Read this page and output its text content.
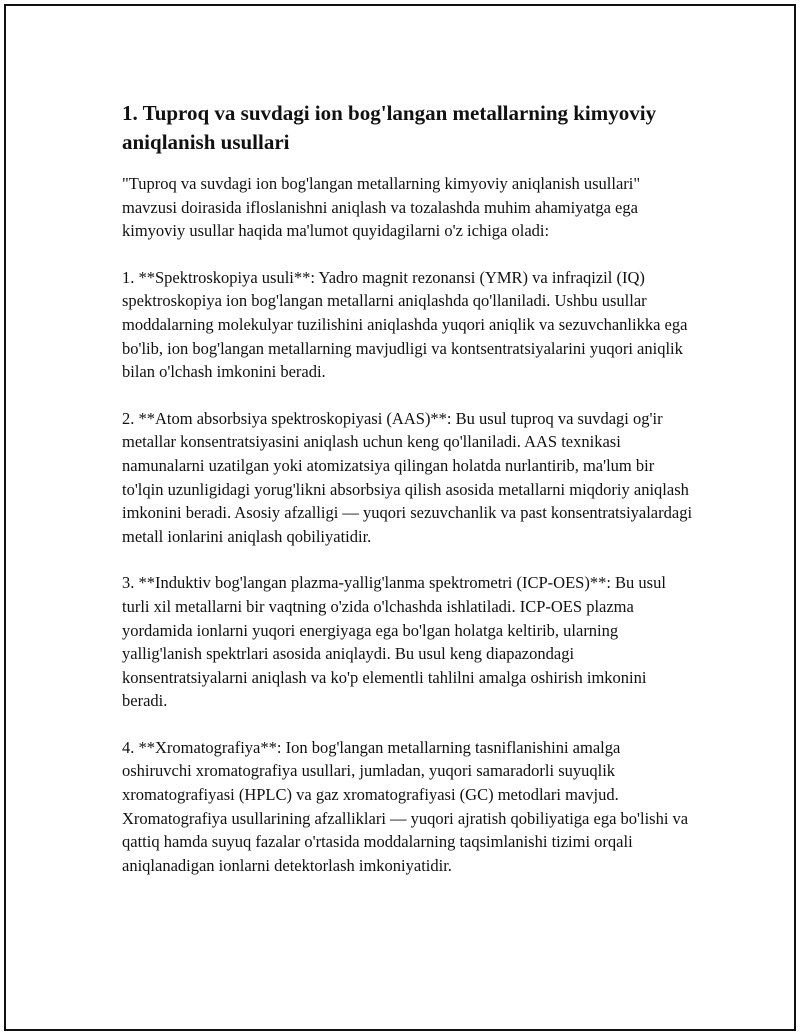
1. Tuproq va suvdagi ion bog'langan metallarning kimyoviy aniqlanish usullari

"Tuproq va suvdagi ion bog'langan metallarning kimyoviy aniqlanish usullari" mavzusi doirasida ifloslanishni aniqlash va tozalashda muhim ahamiyatga ega kimyoviy usullar haqida ma'lumot quyidagilarni o'z ichiga oladi:

1. **Spektroskopiya usuli**: Yadro magnit rezonansi (YMR) va infraqizil (IQ) spektroskopiya ion bog'langan metallarni aniqlashda qo'llaniladi. Ushbu usullar moddalarning molekulyar tuzilishini aniqlashda yuqori aniqlik va sezuvchanlikka ega bo'lib, ion bog'langan metallarning mavjudligi va kontsentratsiyalarini yuqori aniqlik bilan o'lchash imkonini beradi.

2. **Atom absorbsiya spektroskopiyasi (AAS)**: Bu usul tuproq va suvdagi og'ir metallar konsentratsiyasini aniqlash uchun keng qo'llaniladi. AAS texnikasi namunalarni uzatilgan yoki atomizatsiya qilingan holatda nurlantirib, ma'lum bir to'lqin uzunligidagi yorug'likni absorbsiya qilish asosida metallarni miqdoriy aniqlash imkonini beradi. Asosiy afzalligi — yuqori sezuvchanlik va past konsentratsiyalardagi metall ionlarini aniqlash qobiliyatidir.

3. **Induktiv bog'langan plazma-yallig'lanma spektrometri (ICP-OES)**: Bu usul turli xil metallarni bir vaqtning o'zida o'lchashda ishlatiladi. ICP-OES plazma yordamida ionlarni yuqori energiyaga ega bo'lgan holatga keltirib, ularning yallig'lanish spektrlari asosida aniqlaydi. Bu usul keng diapazondagi konsentratsiyalarni aniqlash va ko'p elementli tahlilni amalga oshirish imkonini beradi.

4. **Xromatografiya**: Ion bog'langan metallarning tasniflanishini amalga oshiruvchi xromatografiya usullari, jumladan, yuqori samaradorli suyuqlik xromatografiyasi (HPLC) va gaz xromatografiyasi (GC) metodlari mavjud. Xromatografiya usullarining afzalliklari — yuqori ajratish qobiliyatiga ega bo'lishi va qattiq hamda suyuq fazalar o'rtasida moddalarning taqsimlanishi tizimi orqali aniqlanadigan ionlarni detektorlash imkoniyatidir.
